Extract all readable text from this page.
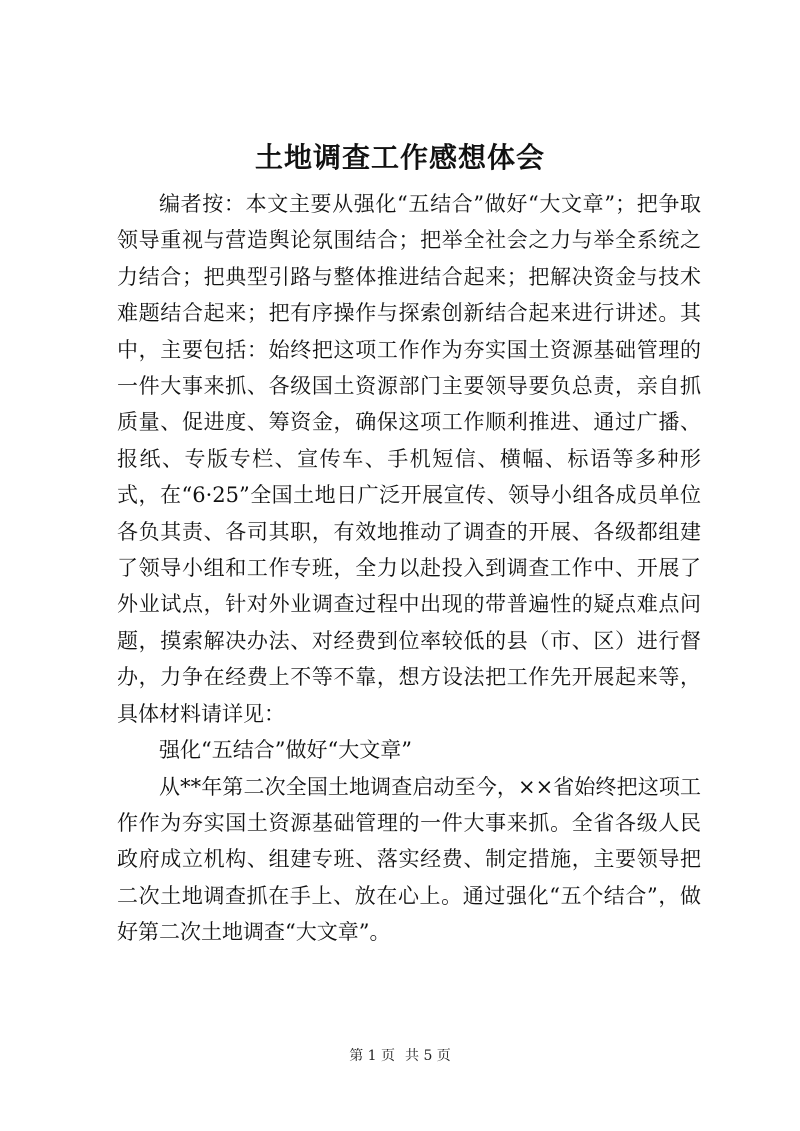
土地调查工作感想体会

编者按：本文主要从强化“五结合”做好“大文章”；把争取领导重视与营造舆论氛围结合；把举全社会之力与举全系统之力结合；把典型引路与整体推进结合起来；把解决资金与技术难题结合起来；把有序操作与探索创新结合起来进行讲述。其中，主要包括：始终把这项工作作为夯实国土资源基础管理的一件大事来抓、各级国土资源部门主要领导要负总责，亲自抓质量、促进度、筹资金，确保这项工作顺利推进、通过广播、报纸、专版专栏、宣传车、手机短信、横幅、标语等多种形式，在“6·25”全国土地日广泛开展宣传、领导小组各成员单位各负其责、各司其职，有效地推动了调查的开展、各级都组建了领导小组和工作专班，全力以赴投入到调查工作中、开展了外业试点，针对外业调查过程中出现的带普遍性的疑点难点问题，摸索解决办法、对经费到位率较低的县（市、区）进行督办，力争在经费上不等不靠，想方设法把工作先开展起来等，具体材料请详见：

强化“五结合”做好“大文章”

从**年第二次全国土地调查启动至今，××省始终把这项工作作为夯实国土资源基础管理的一件大事来抓。全省各级人民政府成立机构、组建专班、落实经费、制定措施，主要领导把二次土地调查抓在手上、放在心上。通过强化“五个结合”，做好第二次土地调查“大文章”。

第 1 页 共 5 页
